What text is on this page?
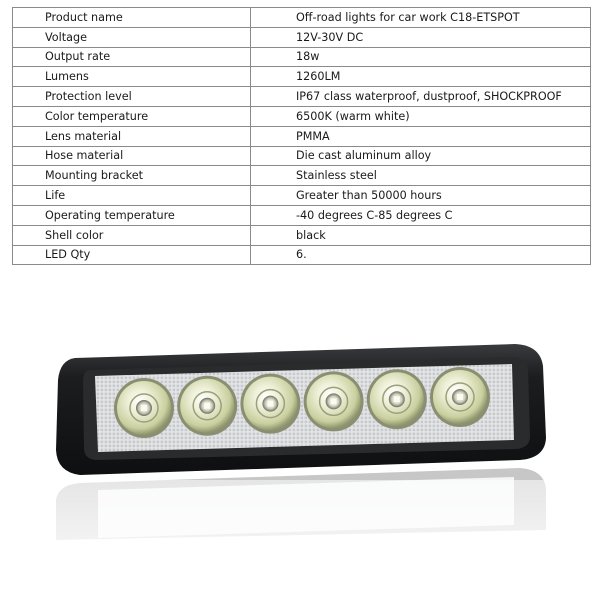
Product name	Off-road lights for car work C18-ETSPOT
Voltage	12V-30V DC
Output rate	18w
Lumens	1260LM
Protection level	IP67 class waterproof, dustproof, SHOCKPROOF
Color temperature	6500K (warm white)
Lens material	PMMA
Hose material	Die cast aluminum alloy
Mounting bracket	Stainless steel
Life	Greater than 50000 hours
Operating temperature	-40 degrees C-85 degrees C
Shell color	black
LED Qty	6.
